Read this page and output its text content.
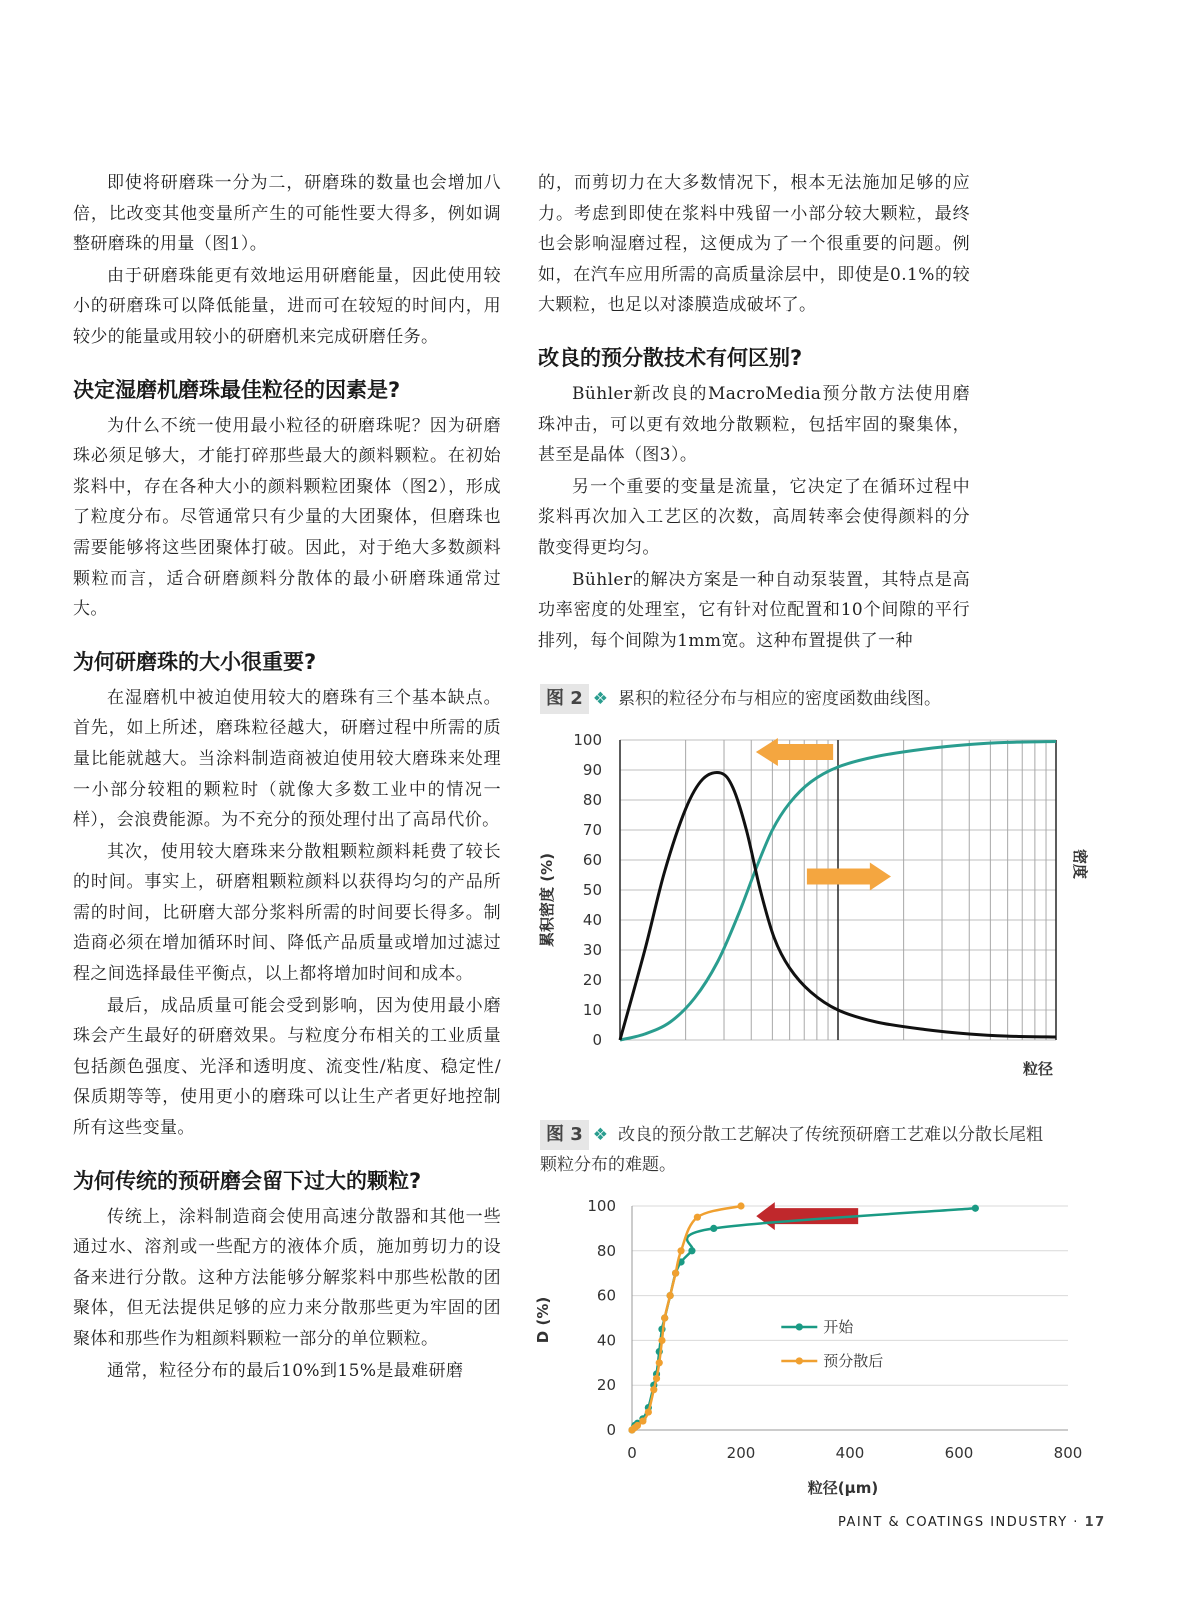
即使将研磨珠一分为二，研磨珠的数量也会增加八倍，比改变其他变量所产生的可能性要大得多，例如调整研磨珠的用量（图1）。

由于研磨珠能更有效地运用研磨能量，因此使用较小的研磨珠可以降低能量，进而可在较短的时间内，用较少的能量或用较小的研磨机来完成研磨任务。

决定湿磨机磨珠最佳粒径的因素是?

为什么不统一使用最小粒径的研磨珠呢？因为研磨珠必须足够大，才能打碎那些最大的颜料颗粒。在初始浆料中，存在各种大小的颜料颗粒团聚体（图2），形成了粒度分布。尽管通常只有少量的大团聚体，但磨珠也需要能够将这些团聚体打破。因此，对于绝大多数颜料颗粒而言，适合研磨颜料分散体的最小研磨珠通常过大。

为何研磨珠的大小很重要?

在湿磨机中被迫使用较大的磨珠有三个基本缺点。首先，如上所述，磨珠粒径越大，研磨过程中所需的质量比能就越大。当涂料制造商被迫使用较大磨珠来处理一小部分较粗的颗粒时（就像大多数工业中的情况一样），会浪费能源。为不充分的预处理付出了高昂代价。

其次，使用较大磨珠来分散粗颗粒颜料耗费了较长的时间。事实上，研磨粗颗粒颜料以获得均匀的产品所需的时间，比研磨大部分浆料所需的时间要长得多。制造商必须在增加循环时间、降低产品质量或增加过滤过程之间选择最佳平衡点，以上都将增加时间和成本。

最后，成品质量可能会受到影响，因为使用最小磨珠会产生最好的研磨效果。与粒度分布相关的工业质量包括颜色强度、光泽和透明度、流变性/粘度、稳定性/保质期等等，使用更小的磨珠可以让生产者更好地控制所有这些变量。

为何传统的预研磨会留下过大的颗粒?

传统上，涂料制造商会使用高速分散器和其他一些通过水、溶剂或一些配方的液体介质，施加剪切力的设备来进行分散。这种方法能够分解浆料中那些松散的团聚体，但无法提供足够的应力来分散那些更为牢固的团聚体和那些作为粗颜料颗粒一部分的单位颗粒。

通常，粒径分布的最后10%到15%是最难研磨

的，而剪切力在大多数情况下，根本无法施加足够的应力。考虑到即使在浆料中残留一小部分较大颗粒，最终也会影响湿磨过程，这便成为了一个很重要的问题。例如，在汽车应用所需的高质量涂层中，即使是0.1%的较大颗粒，也足以对漆膜造成破坏了。

改良的预分散技术有何区别?

Bühler新改良的MacroMedia预分散方法使用磨珠冲击，可以更有效地分散颗粒，包括牢固的聚集体，甚至是晶体（图3）。

另一个重要的变量是流量，它决定了在循环过程中浆料再次加入工艺区的次数，高周转率会使得颜料的分散变得更均匀。

Bühler的解决方案是一种自动泵装置，其特点是高功率密度的处理室，它有针对位配置和10个间隙的平行排列，每个间隙为1mm宽。这种布置提供了一种

图 2 ❖ 累积的粒径分布与相应的密度函数曲线图。
0
10
20
30
40
50
60
70
80
90
100
累积密度 (%)	密度
粒径
图 3 ❖ 改良的预分散工艺解决了传统预研磨工艺难以分散长尾粗
颗粒分布的难题。
0
20
40
60
80
100
0	200	400	600	800
开始
预分散后
D (%)
粒径(μm)
PAINT & COATINGS INDUSTRY · 17
